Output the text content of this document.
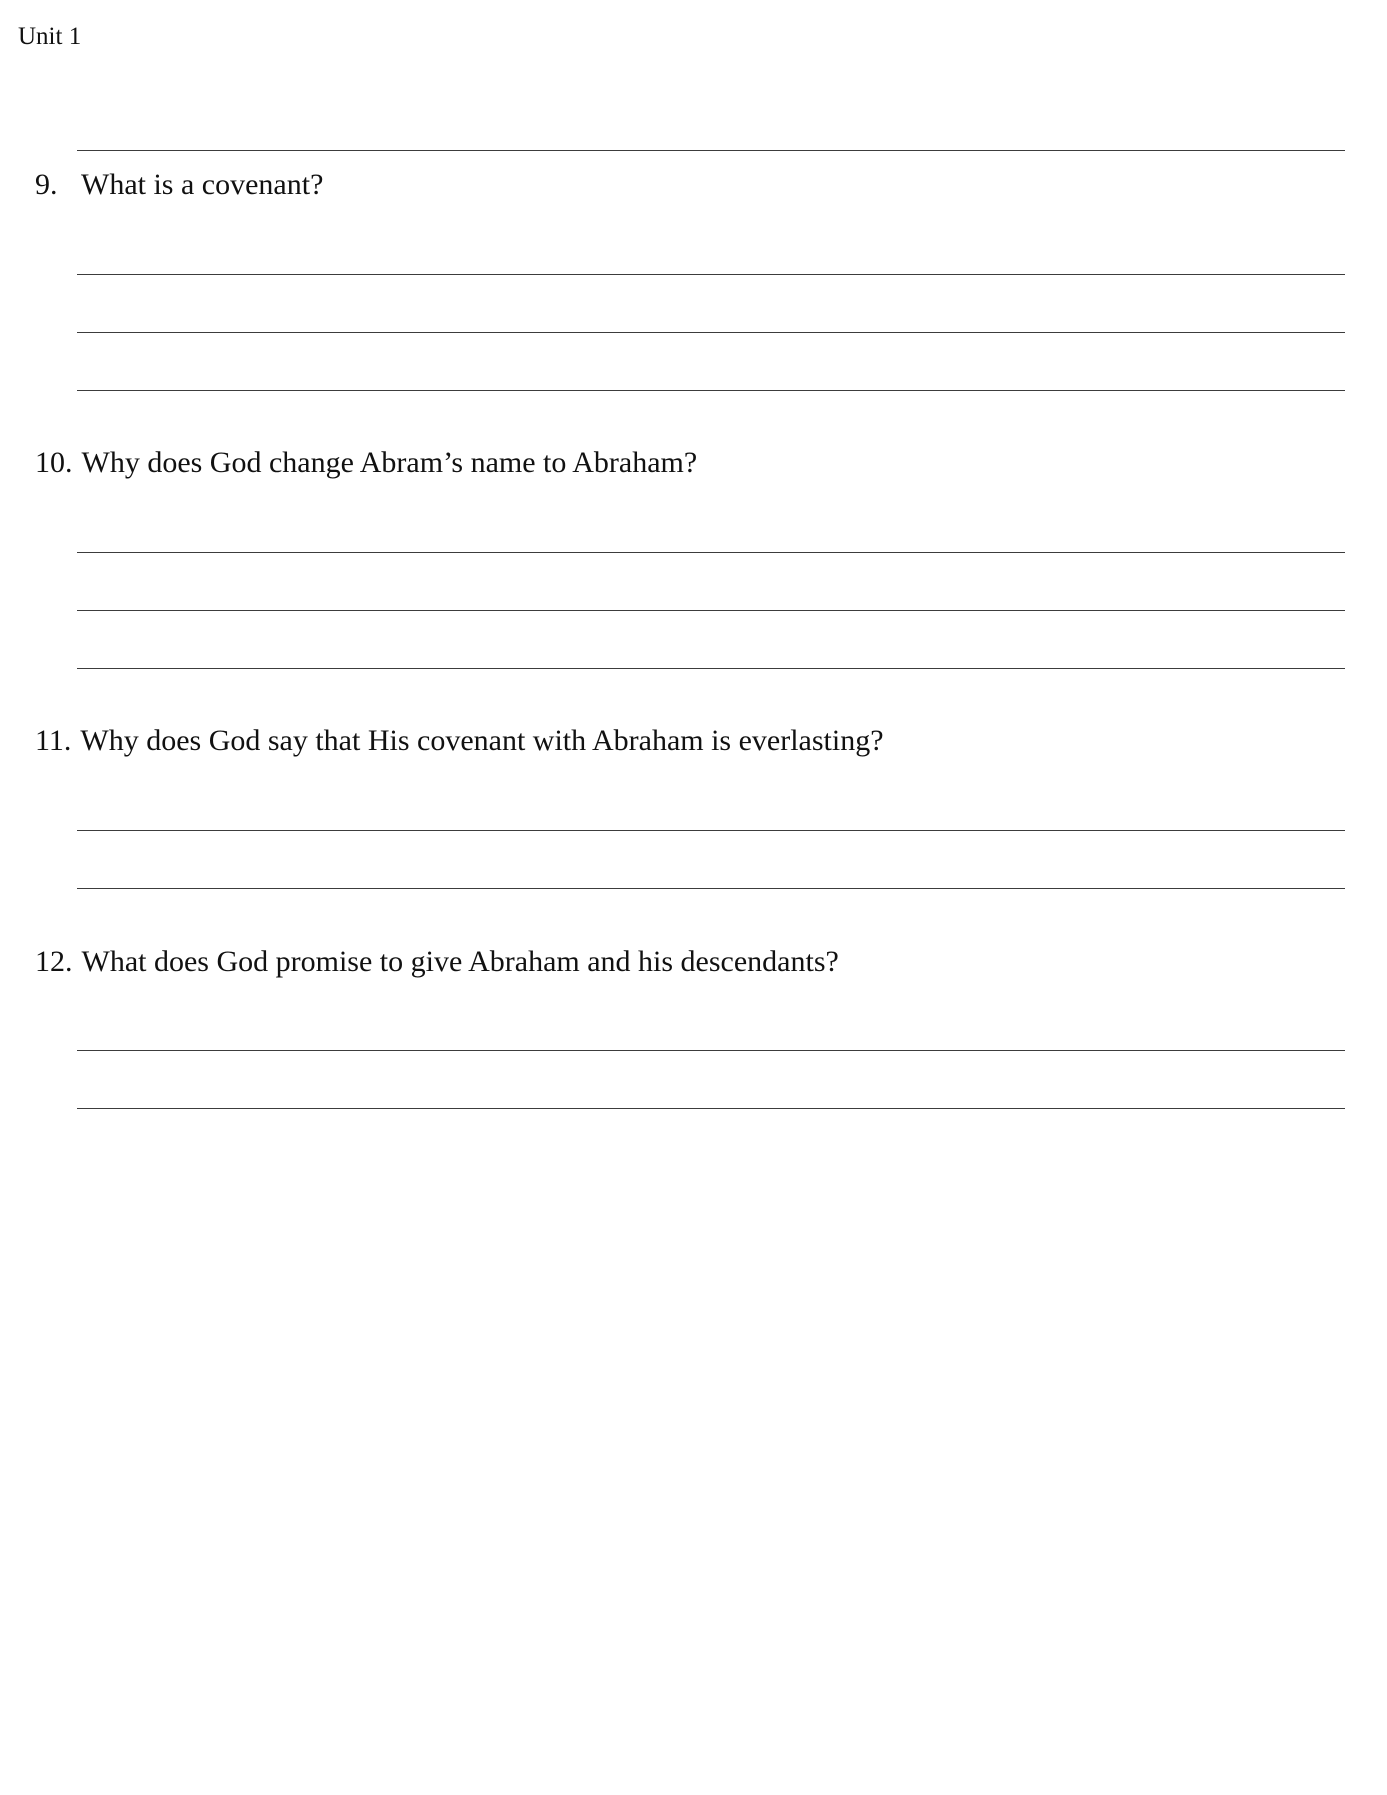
Unit 1
9. What is a covenant?
10. Why does God change Abram’s name to Abraham?
11. Why does God say that His covenant with Abraham is everlasting?
12. What does God promise to give Abraham and his descendants?
